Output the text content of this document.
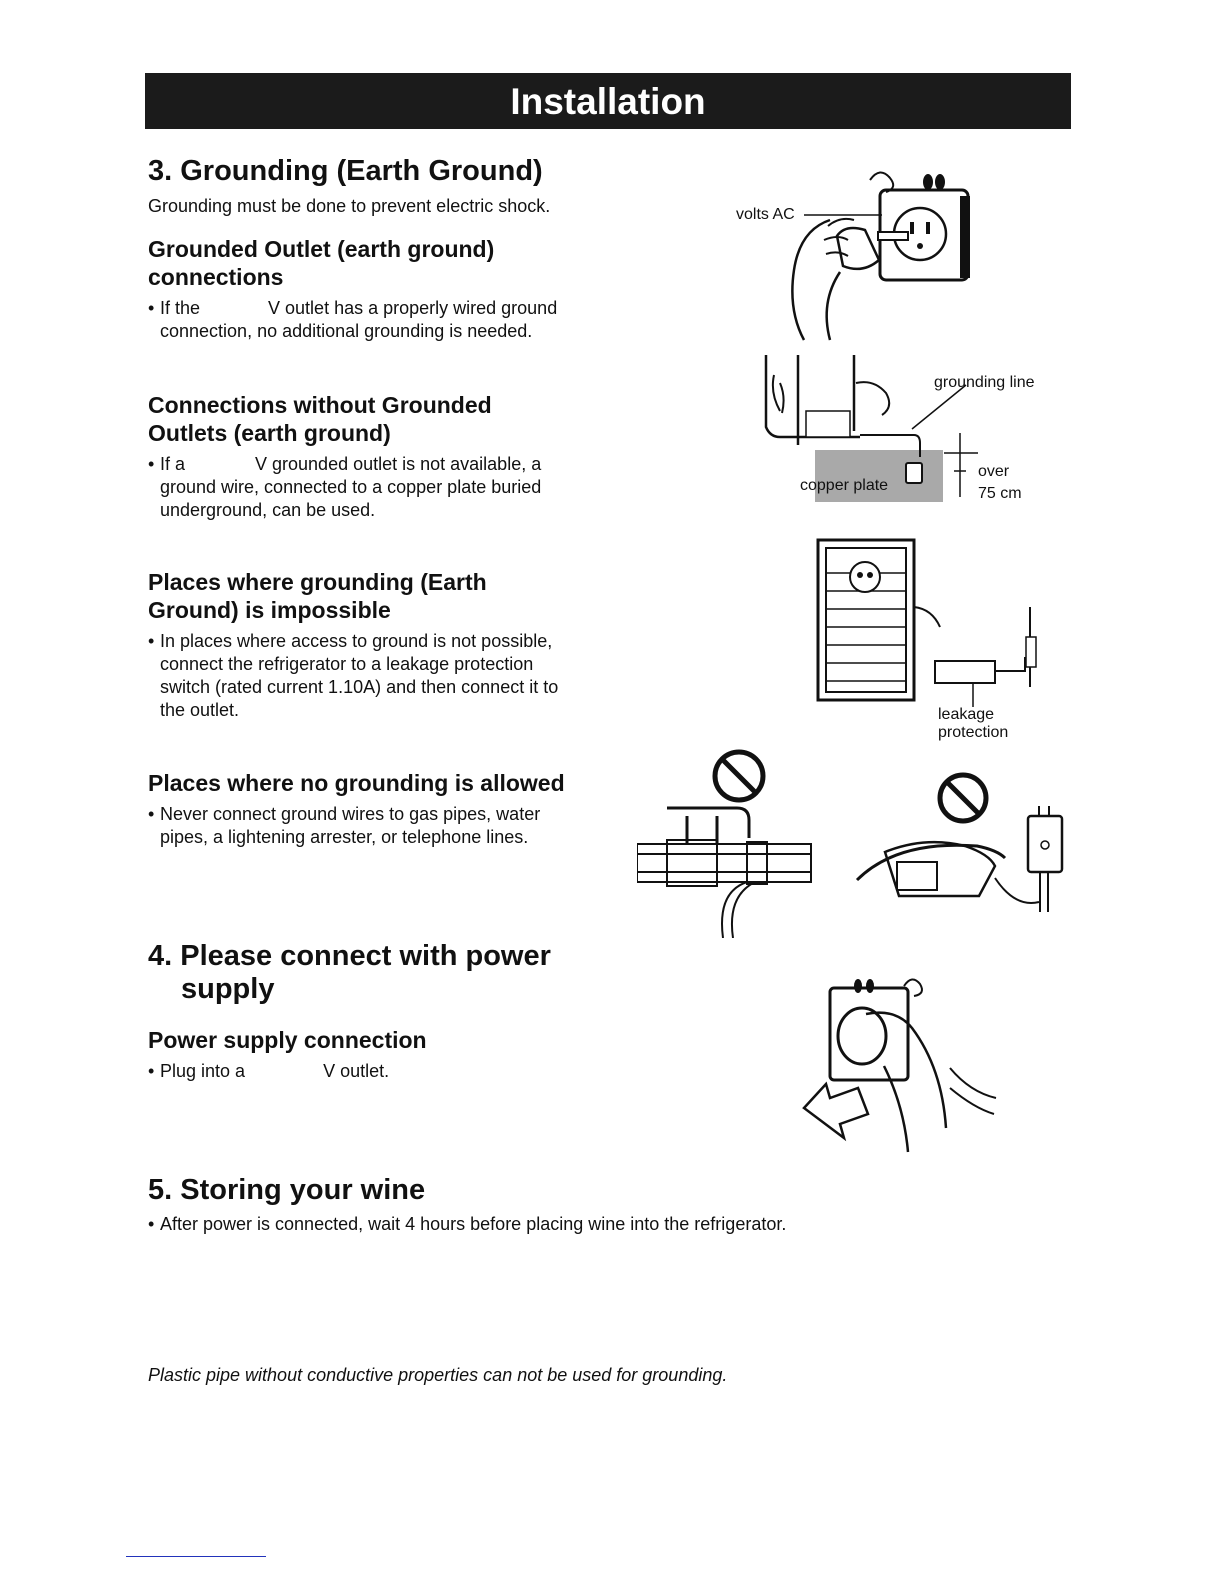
Installation
3. Grounding (Earth Ground)
Grounding must be done to prevent electric shock.
Grounded Outlet (earth ground)
connections
• If the	V outlet has a properly wired ground
connection, no additional grounding is needed.
Connections without Grounded
Outlets (earth ground)
• If a	V grounded outlet is not available, a
ground wire, connected to a copper plate buried
underground, can be used.
Places where grounding (Earth
Ground) is impossible
• In places where access to ground is not possible,
connect the refrigerator to a leakage protection
switch (rated current 1.10A) and then connect it to
the outlet.
Places where no grounding is allowed
• Never connect ground wires to gas pipes, water
pipes, a lightening arrester, or telephone lines.
4. Please connect with power
supply
Power supply connection
• Plug into a	V outlet.
5. Storing your wine
• After power is connected, wait 4 hours before placing wine into the refrigerator.
Plastic pipe without conductive properties can not be used for grounding.
volts AC
grounding line
copper plate
over
75 cm
leakage
protection
